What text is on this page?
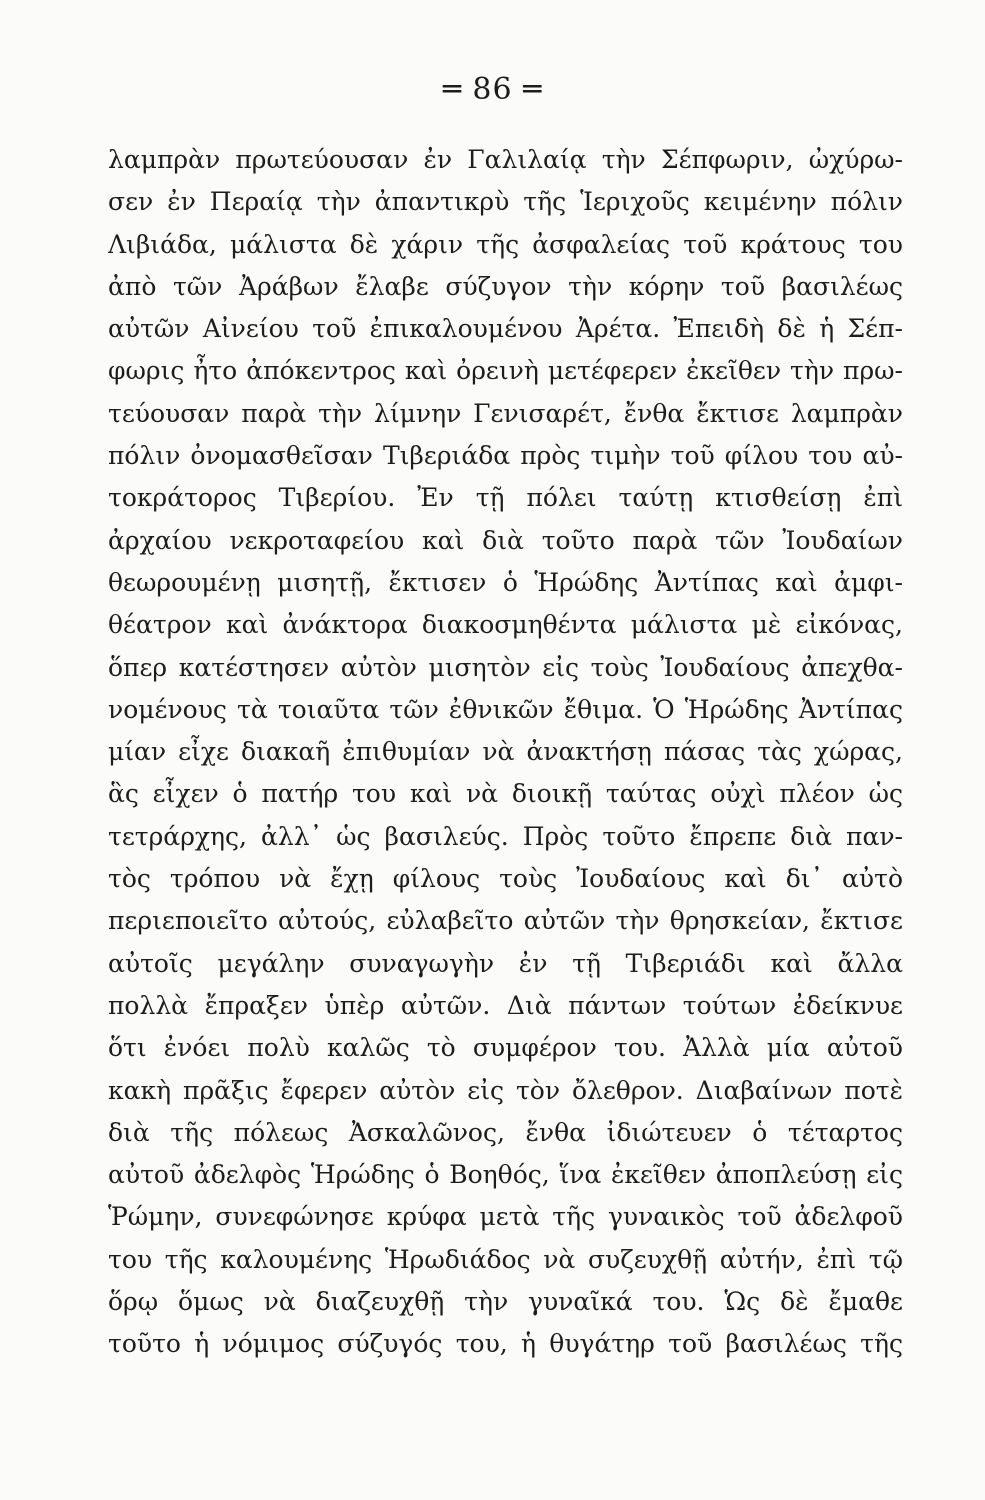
═ 86 ═
λαμπρὰν πρωτεύουσαν ἐν Γαλιλαίᾳ τὴν Σέπφωριν, ὠχύρω-
σεν ἐν Περαίᾳ τὴν ἀπαντικρὺ τῆς Ἱεριχοῦς κειμένην πόλιν
Λιβιάδα, μάλιστα δὲ χάριν τῆς ἀσφαλείας τοῦ κράτους του
ἀπὸ τῶν Ἀράβων ἔλαβε σύζυγον τὴν κόρην τοῦ βασιλέως
αὐτῶν Αἰνείου τοῦ ἐπικαλουμένου Ἀρέτα. Ἐπειδὴ δὲ ἡ Σέπ-
φωρις ἦτο ἀπόκεντρος καὶ ὀρεινὴ μετέφερεν ἐκεῖθεν τὴν πρω-
τεύουσαν παρὰ τὴν λίμνην Γενισαρέτ, ἔνθα ἔκτισε λαμπρὰν
πόλιν ὀνομασθεῖσαν Τιβεριάδα πρὸς τιμὴν τοῦ φίλου του αὐ-
τοκράτορος Τιβερίου. Ἐν τῇ πόλει ταύτῃ κτισθείσῃ ἐπὶ
ἀρχαίου νεκροταφείου καὶ διὰ τοῦτο παρὰ τῶν Ἰουδαίων
θεωρουμένῃ μισητῇ, ἔκτισεν ὁ Ἡρώδης Ἀντίπας καὶ ἀμφι-
θέατρον καὶ ἀνάκτορα διακοσμηθέντα μάλιστα μὲ εἰκόνας,
ὅπερ κατέστησεν αὐτὸν μισητὸν εἰς τοὺς Ἰουδαίους ἀπεχθα-
νομένους τὰ τοιαῦτα τῶν ἐθνικῶν ἔθιμα. Ὁ Ἡρώδης Ἀντίπας
μίαν εἶχε διακαῆ ἐπιθυμίαν νὰ ἀνακτήσῃ πάσας τὰς χώρας,
ἃς εἶχεν ὁ πατήρ του καὶ νὰ διοικῇ ταύτας οὐχὶ πλέον ὡς
τετράρχης, ἀλλ᾽ ὡς βασιλεύς. Πρὸς τοῦτο ἔπρεπε διὰ παν-
τὸς τρόπου νὰ ἔχῃ φίλους τοὺς Ἰουδαίους καὶ δι᾽ αὐτὸ
περιεποιεῖτο αὐτούς, εὐλαβεῖτο αὐτῶν τὴν θρησκείαν, ἔκτισε
αὐτοῖς μεγάλην συναγωγὴν ἐν τῇ Τιβεριάδι καὶ ἄλλα
πολλὰ ἔπραξεν ὑπὲρ αὐτῶν. Διὰ πάντων τούτων ἐδείκνυε
ὅτι ἐνόει πολὺ καλῶς τὸ συμφέρον του. Ἀλλὰ μία αὐτοῦ
κακὴ πρᾶξις ἔφερεν αὐτὸν εἰς τὸν ὄλεθρον. Διαβαίνων ποτὲ
διὰ τῆς πόλεως Ἀσκαλῶνος, ἔνθα ἰδιώτευεν ὁ τέταρτος
αὐτοῦ ἀδελφὸς Ἡρώδης ὁ Βοηθός, ἵνα ἐκεῖθεν ἀποπλεύσῃ εἰς
Ῥώμην, συνεφώνησε κρύφα μετὰ τῆς γυναικὸς τοῦ ἀδελφοῦ
του τῆς καλουμένης Ἡρωδιάδος νὰ συζευχθῇ αὐτήν, ἐπὶ τῷ
ὅρῳ ὅμως νὰ διαζευχθῇ τὴν γυναῖκά του. Ὡς δὲ ἔμαθε
τοῦτο ἡ νόμιμος σύζυγός του, ἡ θυγάτηρ τοῦ βασιλέως τῆς
